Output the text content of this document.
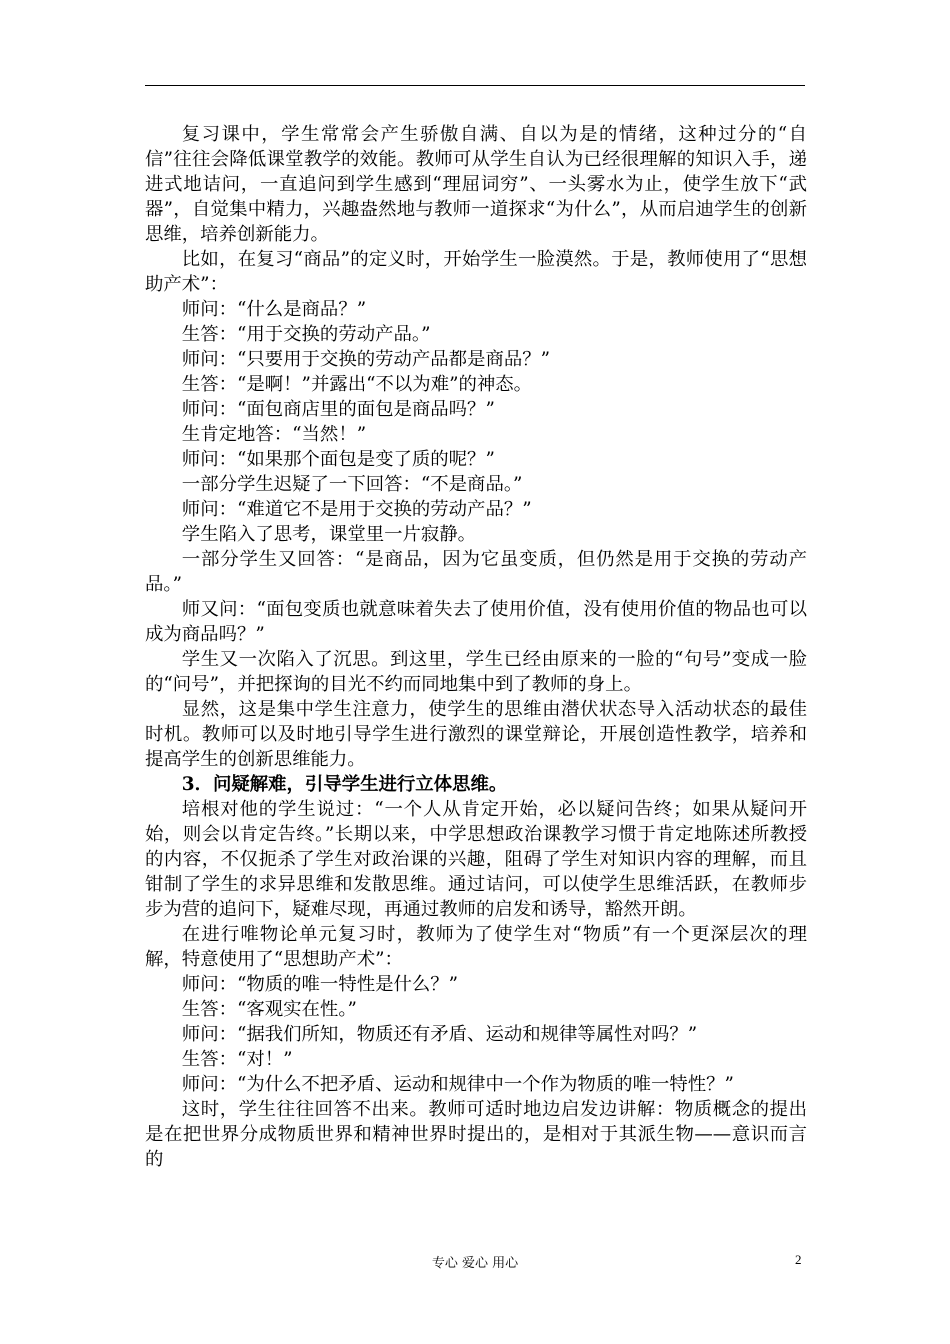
复习课中，学生常常会产生骄傲自满、自以为是的情绪，这种过分的“自信”往往会降低课堂教学的效能。教师可从学生自认为已经很理解的知识入手，递进式地诘问，一直追问到学生感到“理屈词穷”、一头雾水为止，使学生放下“武器”，自觉集中精力，兴趣盎然地与教师一道探求“为什么”，从而启迪学生的创新思维，培养创新能力。

比如，在复习“商品”的定义时，开始学生一脸漠然。于是，教师使用了“思想助产术”：

师问：“什么是商品？”

生答：“用于交换的劳动产品。”

师问：“只要用于交换的劳动产品都是商品？”

生答：“是啊！”并露出“不以为难”的神态。

师问：“面包商店里的面包是商品吗？”

生肯定地答：“当然！”

师问：“如果那个面包是变了质的呢？”

一部分学生迟疑了一下回答：“不是商品。”

师问：“难道它不是用于交换的劳动产品？”

学生陷入了思考，课堂里一片寂静。

一部分学生又回答：“是商品，因为它虽变质，但仍然是用于交换的劳动产品。”

师又问：“面包变质也就意味着失去了使用价值，没有使用价值的物品也可以成为商品吗？”

学生又一次陷入了沉思。到这里，学生已经由原来的一脸的“句号”变成一脸的“问号”，并把探询的目光不约而同地集中到了教师的身上。

显然，这是集中学生注意力，使学生的思维由潜伏状态导入活动状态的最佳时机。教师可以及时地引导学生进行激烈的课堂辩论，开展创造性教学，培养和提高学生的创新思维能力。

3．问疑解难，引导学生进行立体思维。

培根对他的学生说过：“一个人从肯定开始，必以疑问告终；如果从疑问开始，则会以肯定告终。”长期以来，中学思想政治课教学习惯于肯定地陈述所教授的内容，不仅扼杀了学生对政治课的兴趣，阻碍了学生对知识内容的理解，而且钳制了学生的求异思维和发散思维。通过诘问，可以使学生思维活跃，在教师步步为营的追问下，疑难尽现，再通过教师的启发和诱导，豁然开朗。

在进行唯物论单元复习时，教师为了使学生对“物质”有一个更深层次的理解，特意使用了“思想助产术”：

师问：“物质的唯一特性是什么？”

生答：“客观实在性。”

师问：“据我们所知，物质还有矛盾、运动和规律等属性对吗？”

生答：“对！”

师问：“为什么不把矛盾、运动和规律中一个作为物质的唯一特性？”

这时，学生往往回答不出来。教师可适时地边启发边讲解：物质概念的提出是在把世界分成物质世界和精神世界时提出的，是相对于其派生物——意识而言的

专心 爱心 用心	2
